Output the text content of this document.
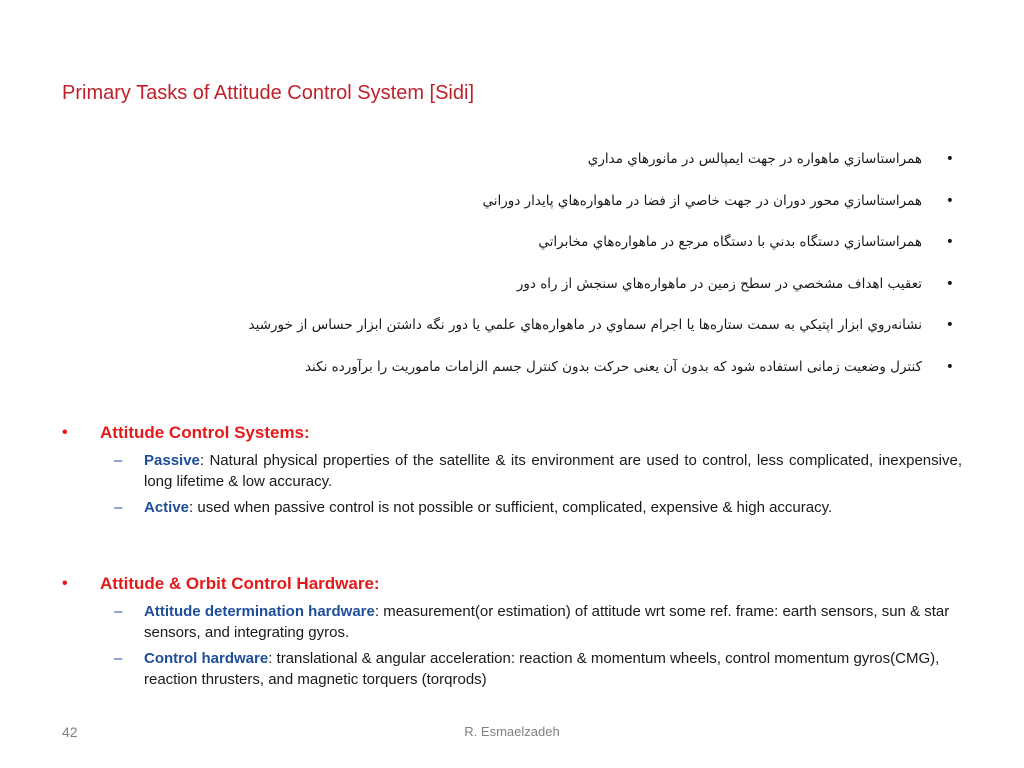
Primary Tasks of Attitude Control System [Sidi]
•
همراستاسازي ماهواره در جهت ايمپالس در مانورهاي مداري
•
همراستاسازي محور دوران در جهت خاصي از فضا در ماهواره‌هاي پايدار دوراني
•
همراستاسازي دستگاه بدني با دستگاه مرجع در ماهواره‌هاي مخابراتي
•
تعقيب اهداف مشخصي در سطح زمين در ماهواره‌هاي سنجش از راه دور
•
نشانه‌روي ابزار اپتيكي به سمت ستاره‌ها يا اجرام سماوي در ماهواره‌هاي علمي يا دور نگه داشتن ابزار حساس از خورشيد
•
کنترل وضعیت زمانی استفاده شود که بدون آن یعنی حرکت بدون کنترل جسم الزامات ماموریت را برآورده نکند
• Attitude Control Systems:
– Passive: Natural physical properties of the satellite & its environment are used to control, less complicated, inexpensive, long lifetime & low accuracy.
– Active: used when passive control is not possible or sufficient, complicated, expensive & high accuracy.
• Attitude & Orbit Control Hardware:
– Attitude determination hardware: measurement(or estimation) of attitude wrt some ref. frame: earth sensors, sun & star sensors, and integrating gyros.
– Control hardware: translational & angular acceleration: reaction & momentum wheels, control momentum gyros(CMG), reaction thrusters, and magnetic torquers (torqrods)
42	R. Esmaelzadeh
